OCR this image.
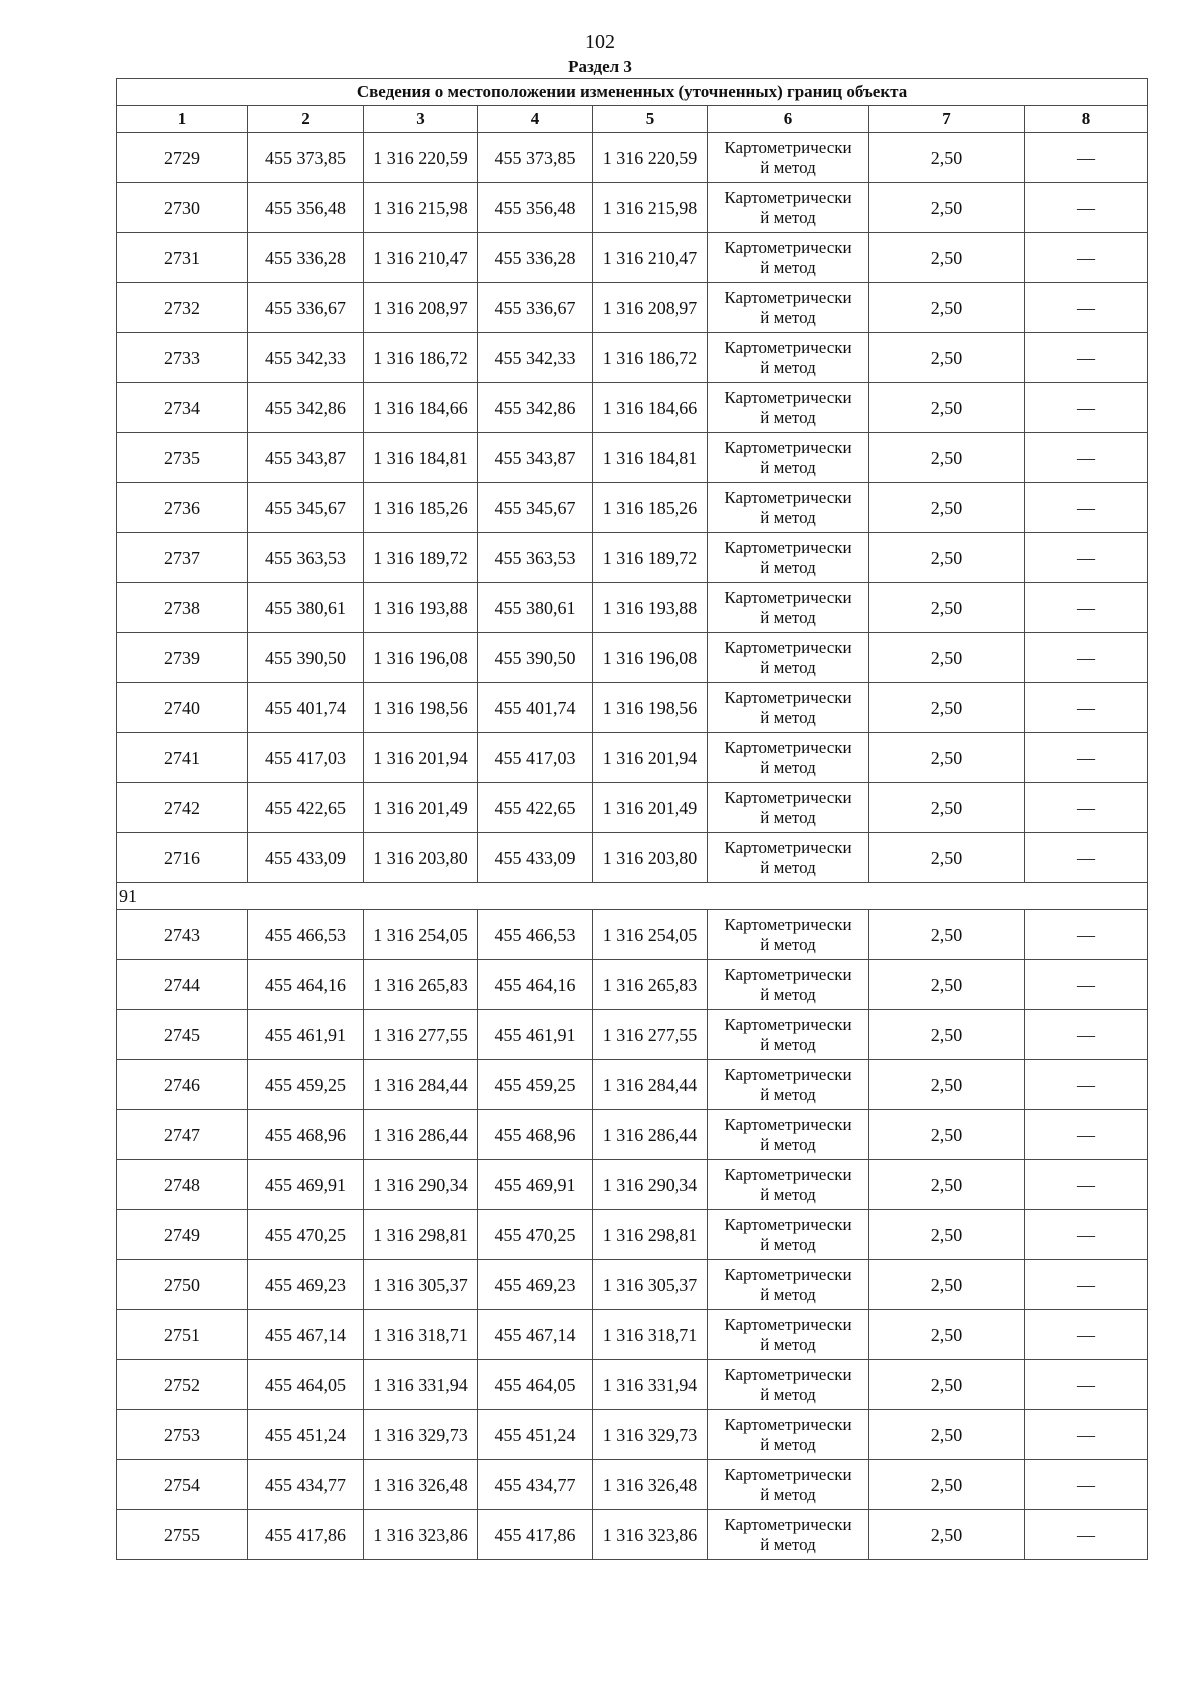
102
Раздел 3
Сведения о местоположении измененных (уточненных) границ объекта							
1	2	3	4	5	6	7	8
2729	455 373,85	1 316 220,59	455 373,85	1 316 220,59	Картометрически
й метод	2,50	—
2730	455 356,48	1 316 215,98	455 356,48	1 316 215,98	Картометрически
й метод	2,50	—
2731	455 336,28	1 316 210,47	455 336,28	1 316 210,47	Картометрически
й метод	2,50	—
2732	455 336,67	1 316 208,97	455 336,67	1 316 208,97	Картометрически
й метод	2,50	—
2733	455 342,33	1 316 186,72	455 342,33	1 316 186,72	Картометрически
й метод	2,50	—
2734	455 342,86	1 316 184,66	455 342,86	1 316 184,66	Картометрически
й метод	2,50	—
2735	455 343,87	1 316 184,81	455 343,87	1 316 184,81	Картометрически
й метод	2,50	—
2736	455 345,67	1 316 185,26	455 345,67	1 316 185,26	Картометрически
й метод	2,50	—
2737	455 363,53	1 316 189,72	455 363,53	1 316 189,72	Картометрически
й метод	2,50	—
2738	455 380,61	1 316 193,88	455 380,61	1 316 193,88	Картометрически
й метод	2,50	—
2739	455 390,50	1 316 196,08	455 390,50	1 316 196,08	Картометрически
й метод	2,50	—
2740	455 401,74	1 316 198,56	455 401,74	1 316 198,56	Картометрически
й метод	2,50	—
2741	455 417,03	1 316 201,94	455 417,03	1 316 201,94	Картометрически
й метод	2,50	—
2742	455 422,65	1 316 201,49	455 422,65	1 316 201,49	Картометрически
й метод	2,50	—
2716	455 433,09	1 316 203,80	455 433,09	1 316 203,80	Картометрически
й метод	2,50	—
91							
2743	455 466,53	1 316 254,05	455 466,53	1 316 254,05	Картометрически
й метод	2,50	—
2744	455 464,16	1 316 265,83	455 464,16	1 316 265,83	Картометрически
й метод	2,50	—
2745	455 461,91	1 316 277,55	455 461,91	1 316 277,55	Картометрически
й метод	2,50	—
2746	455 459,25	1 316 284,44	455 459,25	1 316 284,44	Картометрически
й метод	2,50	—
2747	455 468,96	1 316 286,44	455 468,96	1 316 286,44	Картометрически
й метод	2,50	—
2748	455 469,91	1 316 290,34	455 469,91	1 316 290,34	Картометрически
й метод	2,50	—
2749	455 470,25	1 316 298,81	455 470,25	1 316 298,81	Картометрически
й метод	2,50	—
2750	455 469,23	1 316 305,37	455 469,23	1 316 305,37	Картометрически
й метод	2,50	—
2751	455 467,14	1 316 318,71	455 467,14	1 316 318,71	Картометрически
й метод	2,50	—
2752	455 464,05	1 316 331,94	455 464,05	1 316 331,94	Картометрически
й метод	2,50	—
2753	455 451,24	1 316 329,73	455 451,24	1 316 329,73	Картометрически
й метод	2,50	—
2754	455 434,77	1 316 326,48	455 434,77	1 316 326,48	Картометрически
й метод	2,50	—
2755	455 417,86	1 316 323,86	455 417,86	1 316 323,86	Картометрически
й метод	2,50	—
